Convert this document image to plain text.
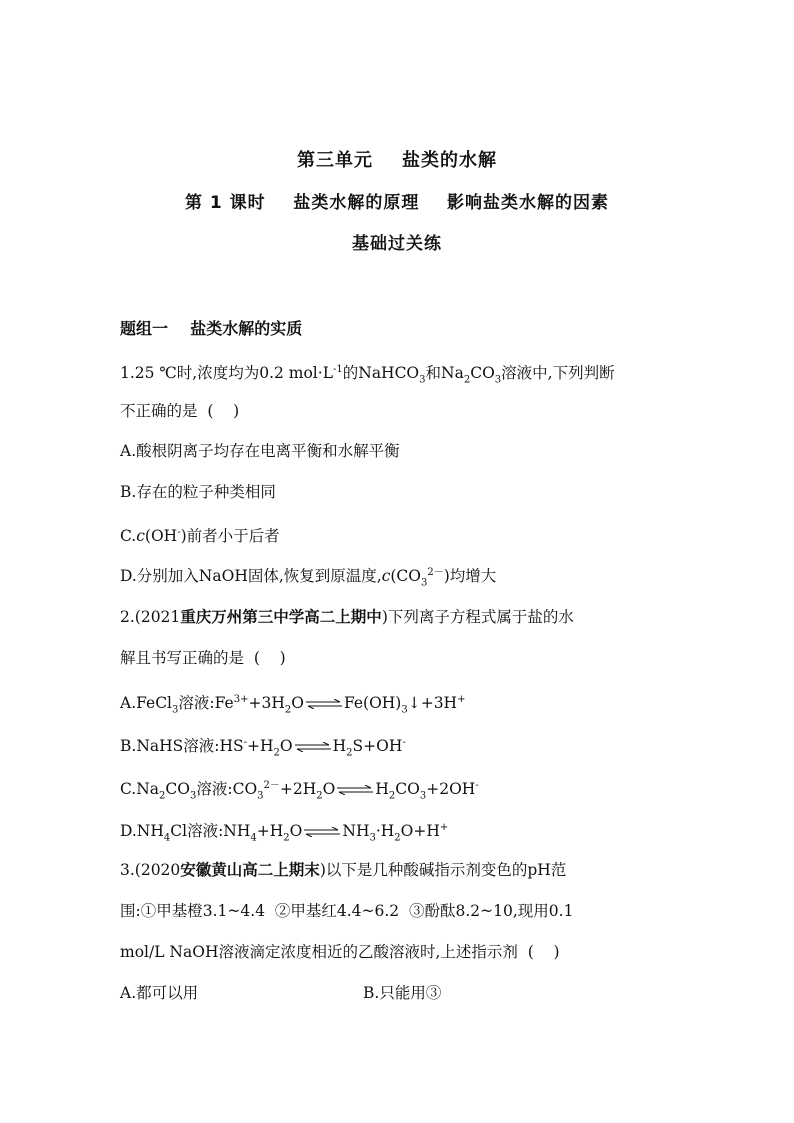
第三单元    盐类的水解
第 1 课时    盐类水解的原理    影响盐类水解的因素
基础过关练
题组一    盐类水解的实质
1.25 ℃时,浓度均为0.2 $mol\cdot L^{-1}$的NaHCO$_3$和$Na_2CO_3$溶液中,下列判断
不正确的是  (    )
A.酸根阴离子均存在电离平衡和水解平衡
B.存在的粒子种类相同
C.c(OH-)前者小于后者
D.分别加入NaOH固体,恢复到原温度$,c(CO_3^{2-})$均增大
2.(2021重庆万州第三中学高二上期中)下列离子方程式属于盐的水
解且书写正确的是  (    )
A.FeCl$_3$溶液$:Fe^{3+}+3H_2O$ ⇌ $Fe(OH)_3↓+3H^+$
B.NaHS溶液$:HS^-+H_2O$ ⇌ $H_2S+OH^-$
$C.Na_2CO_3$溶液$:CO_3^{2-}+2H_2O$ ⇌ $H_2CO_3+2OH^-$
$D.NH_4Cl$溶液$:NH_4+H_2O$ ⇌ $NH_3\cdot H_2O+H^+$
3.(2020安徽黄山高二上期末)以下是几种酸碱指示剂变色的pH范
围:①甲基橙3.1~4.4  ②甲基红4.4~6.2  ③酚酞8.2~10,现用0.1
mol/L NaOH溶液滴定浓度相近的乙酸溶液时,上述指示剂  (    )
A.都可以用	B.只能用③
